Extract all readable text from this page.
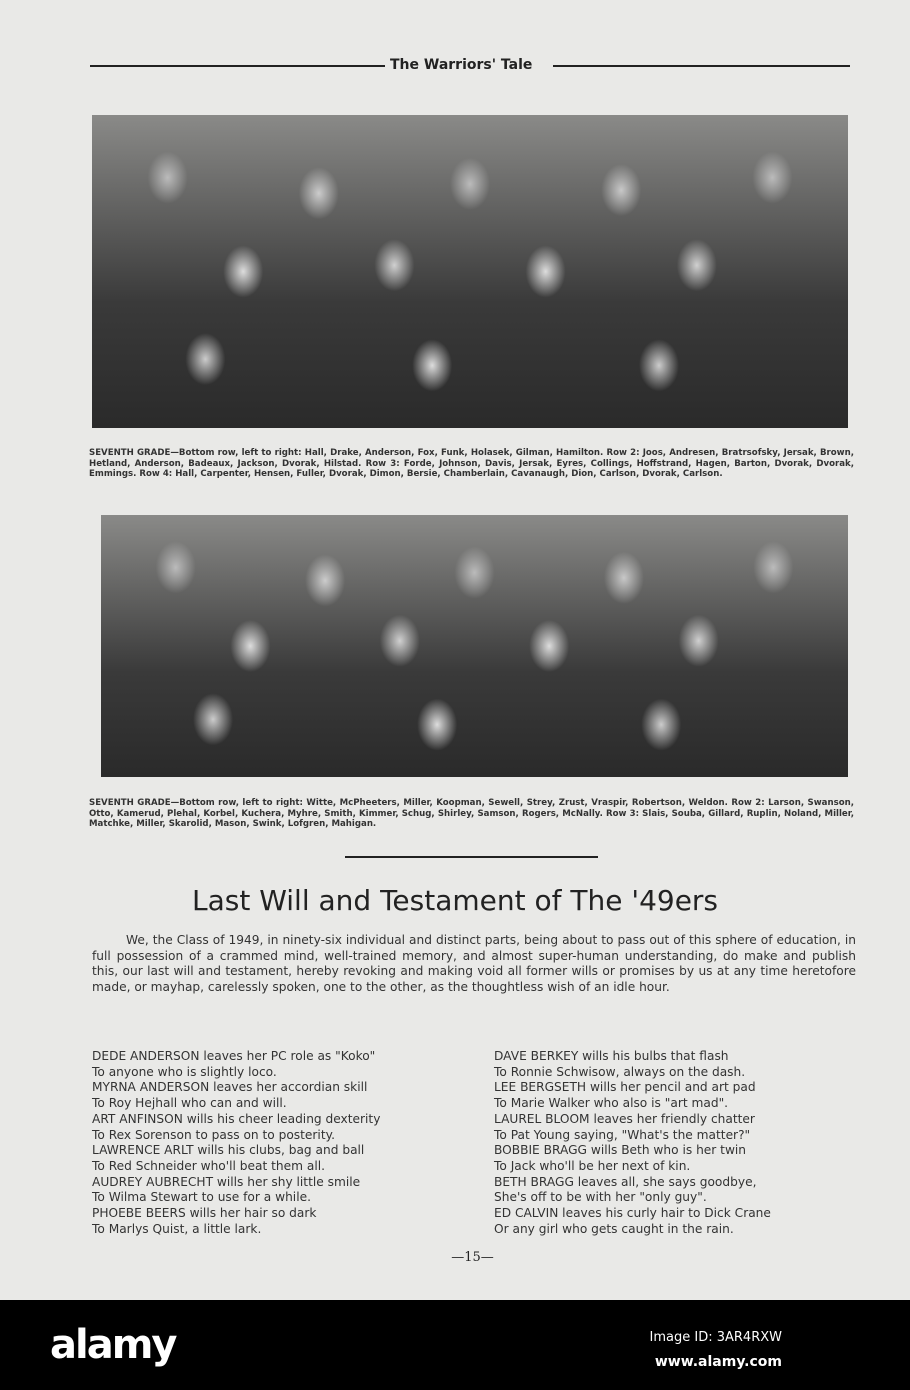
The Warriors' Tale
SEVENTH GRADE—Bottom row, left to right: Hall, Drake, Anderson, Fox, Funk, Holasek, Gilman, Hamilton. Row 2: Joos, Andresen, Bratrsofsky, Jersak, Brown, Hetland, Anderson, Badeaux, Jackson, Dvorak, Hilstad. Row 3: Forde, Johnson, Davis, Jersak, Eyres, Collings, Hoffstrand, Hagen, Barton, Dvorak, Dvorak, Emmings. Row 4: Hall, Carpenter, Hensen, Fuller, Dvorak, Dimon, Bersie, Chamberlain, Cavanaugh, Dion, Carlson, Dvorak, Carlson.
SEVENTH GRADE—Bottom row, left to right: Witte, McPheeters, Miller, Koopman, Sewell, Strey, Zrust, Vraspir, Robertson, Weldon. Row 2: Larson, Swanson, Otto, Kamerud, Plehal, Korbel, Kuchera, Myhre, Smith, Kimmer, Schug, Shirley, Samson, Rogers, McNally. Row 3: Slais, Souba, Gillard, Ruplin, Noland, Miller, Matchke, Miller, Skarolid, Mason, Swink, Lofgren, Mahigan.
Last Will and Testament of The '49ers
We, the Class of 1949, in ninety-six individual and distinct parts, being about to pass out of this sphere of education, in full possession of a crammed mind, well-trained memory, and almost super-human understanding, do make and publish this, our last will and testament, hereby revoking and making void all former wills or promises by us at any time heretofore made, or mayhap, carelessly spoken, one to the other, as the thoughtless wish of an idle hour.
DEDE ANDERSON leaves her PC role as "Koko"
To anyone who is slightly loco.
MYRNA ANDERSON leaves her accordian skill
To Roy Hejhall who can and will.
ART ANFINSON wills his cheer leading dexterity
To Rex Sorenson to pass on to posterity.
LAWRENCE ARLT wills his clubs, bag and ball
To Red Schneider who'll beat them all.
AUDREY AUBRECHT wills her shy little smile
To Wilma Stewart to use for a while.
PHOEBE BEERS wills her hair so dark
To Marlys Quist, a little lark.
DAVE BERKEY wills his bulbs that flash
To Ronnie Schwisow, always on the dash.
LEE BERGSETH wills her pencil and art pad
To Marie Walker who also is "art mad".
LAUREL BLOOM leaves her friendly chatter
To Pat Young saying, "What's the matter?"
BOBBIE BRAGG wills Beth who is her twin
To Jack who'll be her next of kin.
BETH BRAGG leaves all, she says goodbye,
She's off to be with her "only guy".
ED CALVIN leaves his curly hair to Dick Crane
Or any girl who gets caught in the rain.
—15—
alamy	Image ID: 3AR4RXW
www.alamy.com
